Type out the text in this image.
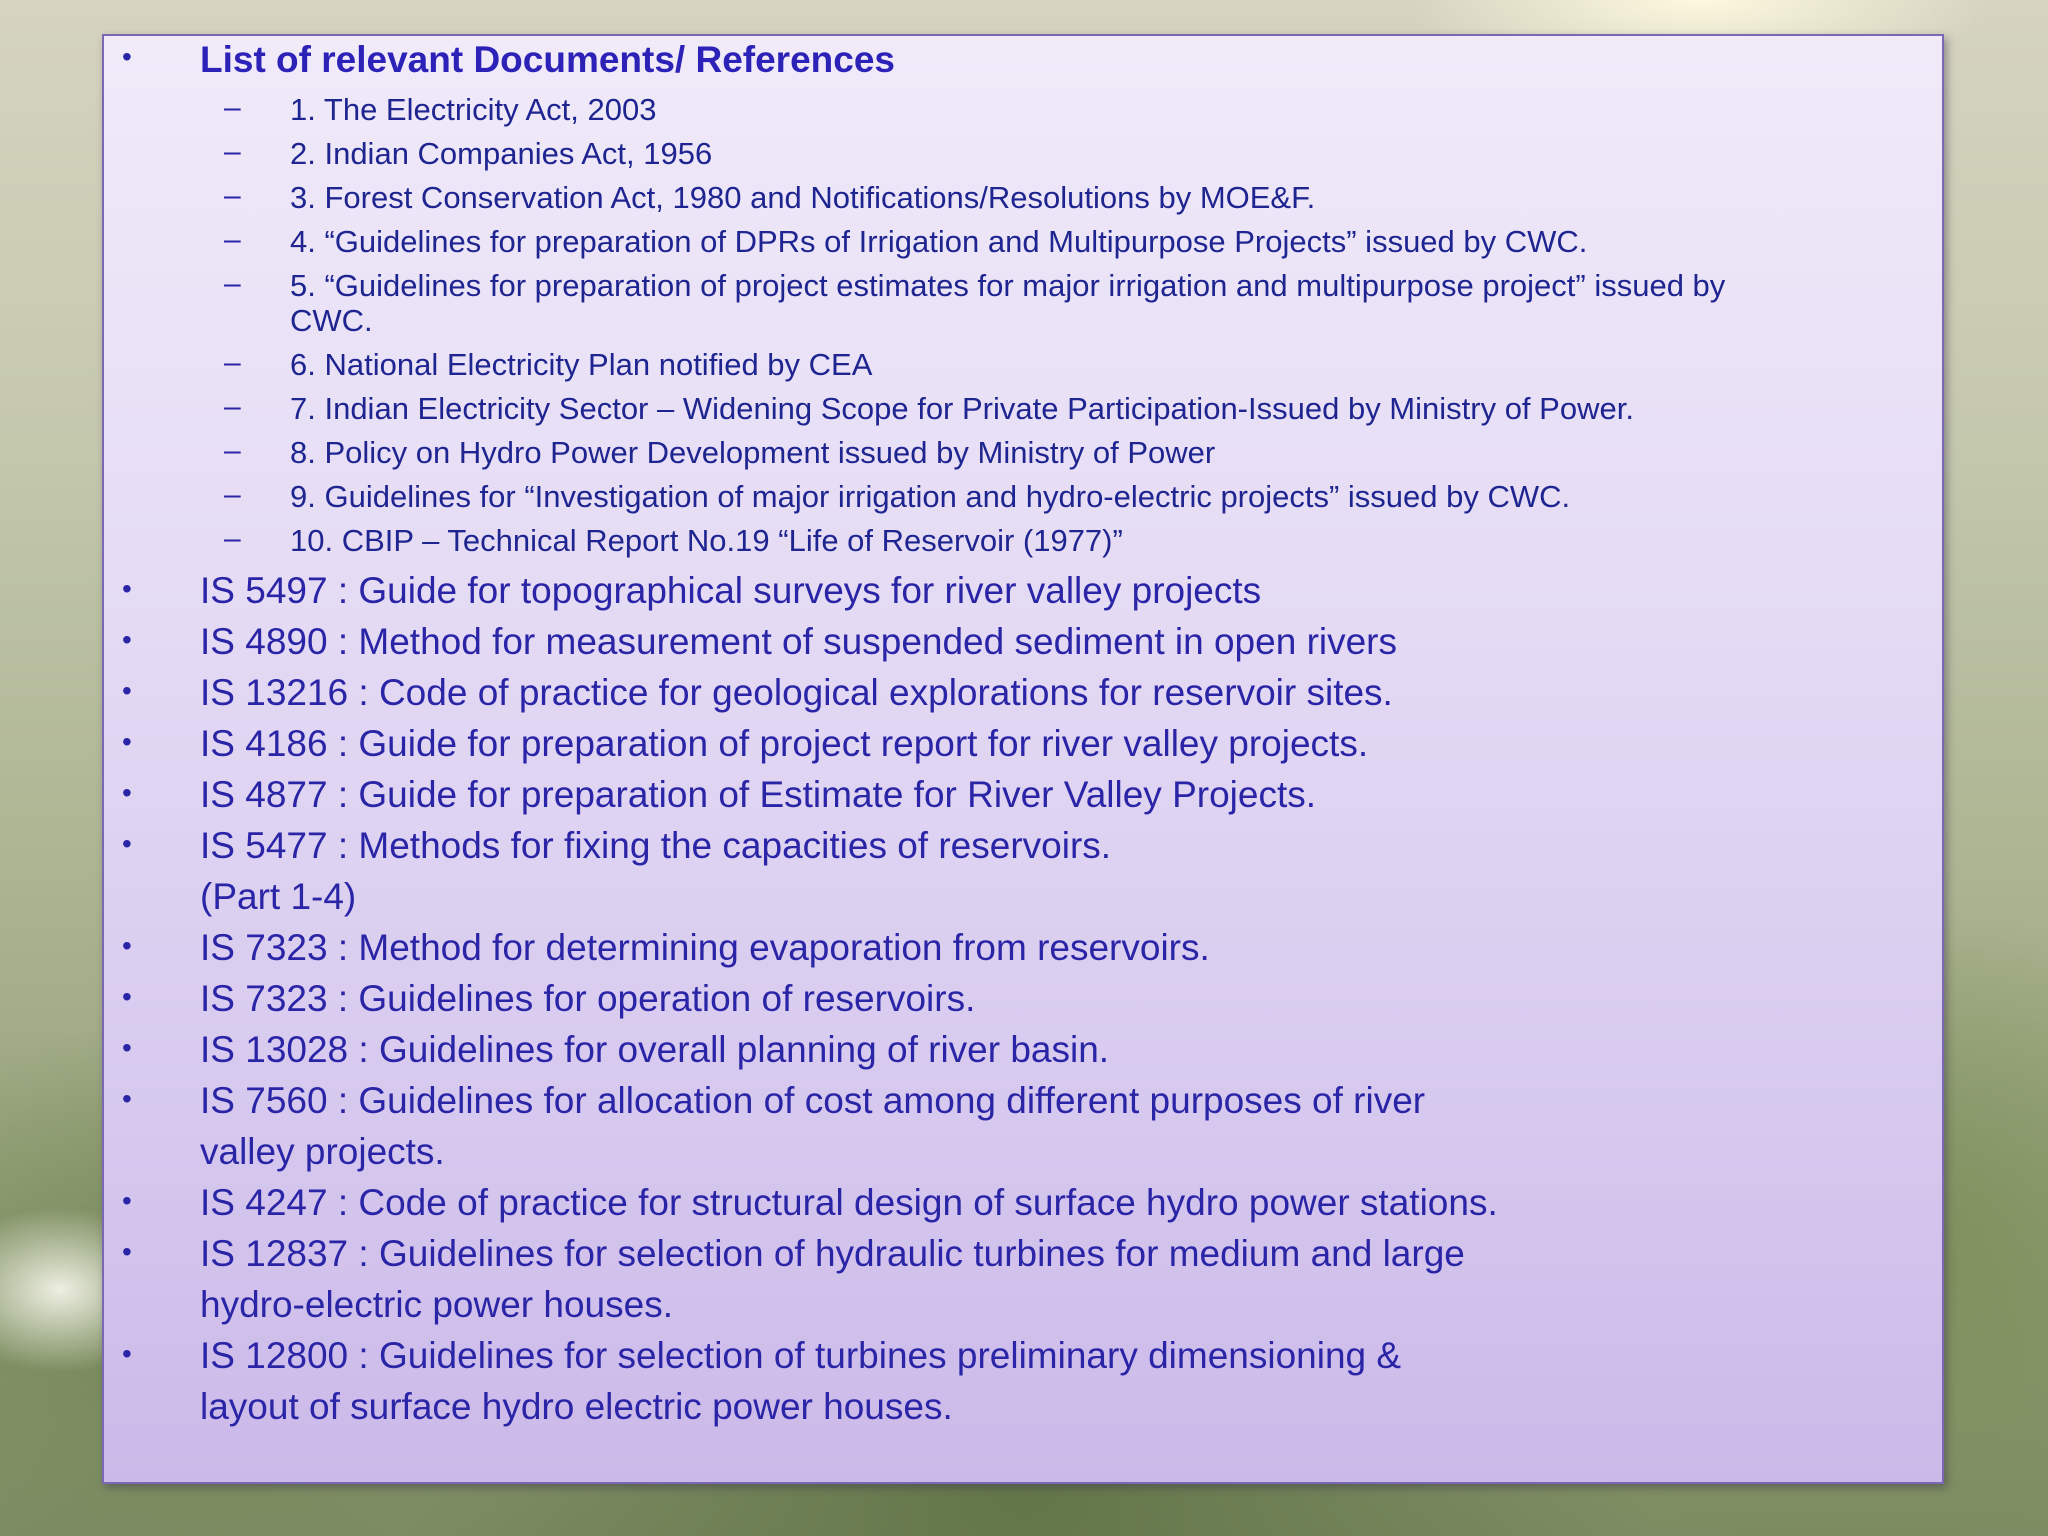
• List of relevant Documents/ References
– 1. The Electricity Act, 2003
– 2. Indian Companies Act, 1956
– 3. Forest Conservation Act, 1980 and Notifications/Resolutions by MOE&F.
– 4. “Guidelines for preparation of DPRs of Irrigation and Multipurpose Projects” issued by CWC.
– 5. “Guidelines for preparation of project estimates for major irrigation and multipurpose project” issued by
CWC.
– 6. National Electricity Plan notified by CEA
– 7. Indian Electricity Sector – Widening Scope for Private Participation-Issued by Ministry of Power.
– 8. Policy on Hydro Power Development issued by Ministry of Power
– 9. Guidelines for “Investigation of major irrigation and hydro-electric projects” issued by CWC.
– 10. CBIP – Technical Report No.19 “Life of Reservoir (1977)”
• IS 5497 : Guide for topographical surveys for river valley projects
• IS 4890 : Method for measurement of suspended sediment in open rivers
• IS 13216 : Code of practice for geological explorations for reservoir sites.
• IS 4186 : Guide for preparation of project report for river valley projects.
• IS 4877 : Guide for preparation of Estimate for River Valley Projects.
• IS 5477 : Methods for fixing the capacities of reservoirs.
(Part 1-4)
• IS 7323 : Method for determining evaporation from reservoirs.
• IS 7323 : Guidelines for operation of reservoirs.
• IS 13028 : Guidelines for overall planning of river basin.
• IS 7560 : Guidelines for allocation of cost among different purposes of river
valley projects.
• IS 4247 : Code of practice for structural design of surface hydro power stations.
• IS 12837 : Guidelines for selection of hydraulic turbines for medium and large
hydro-electric power houses.
• IS 12800 : Guidelines for selection of turbines preliminary dimensioning &
layout of surface hydro electric power houses.
